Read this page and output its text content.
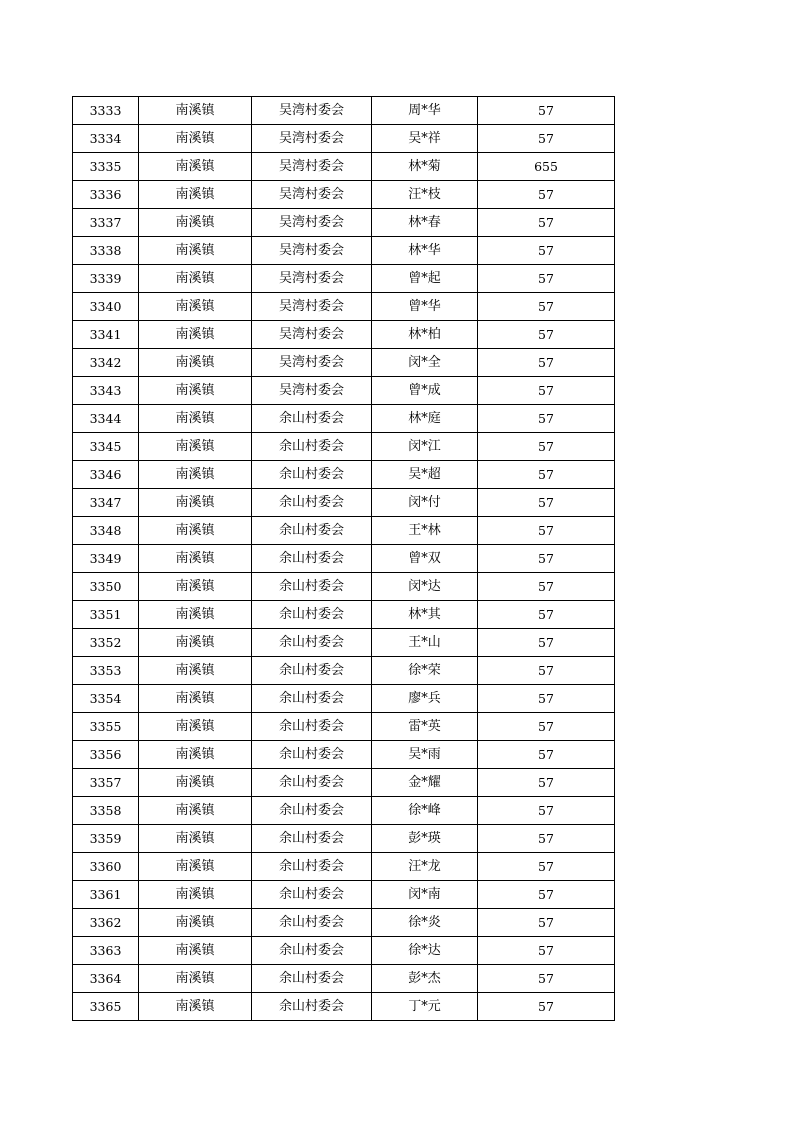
3333	南溪镇	吴湾村委会	周*华	57
3334	南溪镇	吴湾村委会	吴*祥	57
3335	南溪镇	吴湾村委会	林*菊	655
3336	南溪镇	吴湾村委会	汪*枝	57
3337	南溪镇	吴湾村委会	林*春	57
3338	南溪镇	吴湾村委会	林*华	57
3339	南溪镇	吴湾村委会	曾*起	57
3340	南溪镇	吴湾村委会	曾*华	57
3341	南溪镇	吴湾村委会	林*柏	57
3342	南溪镇	吴湾村委会	闵*全	57
3343	南溪镇	吴湾村委会	曾*成	57
3344	南溪镇	余山村委会	林*庭	57
3345	南溪镇	余山村委会	闵*江	57
3346	南溪镇	余山村委会	吴*超	57
3347	南溪镇	余山村委会	闵*付	57
3348	南溪镇	余山村委会	王*林	57
3349	南溪镇	余山村委会	曾*双	57
3350	南溪镇	余山村委会	闵*达	57
3351	南溪镇	余山村委会	林*其	57
3352	南溪镇	余山村委会	王*山	57
3353	南溪镇	余山村委会	徐*荣	57
3354	南溪镇	余山村委会	廖*兵	57
3355	南溪镇	余山村委会	雷*英	57
3356	南溪镇	余山村委会	吴*雨	57
3357	南溪镇	余山村委会	金*耀	57
3358	南溪镇	余山村委会	徐*峰	57
3359	南溪镇	余山村委会	彭*瑛	57
3360	南溪镇	余山村委会	汪*龙	57
3361	南溪镇	余山村委会	闵*南	57
3362	南溪镇	余山村委会	徐*炎	57
3363	南溪镇	余山村委会	徐*达	57
3364	南溪镇	余山村委会	彭*杰	57
3365	南溪镇	余山村委会	丁*元	57
